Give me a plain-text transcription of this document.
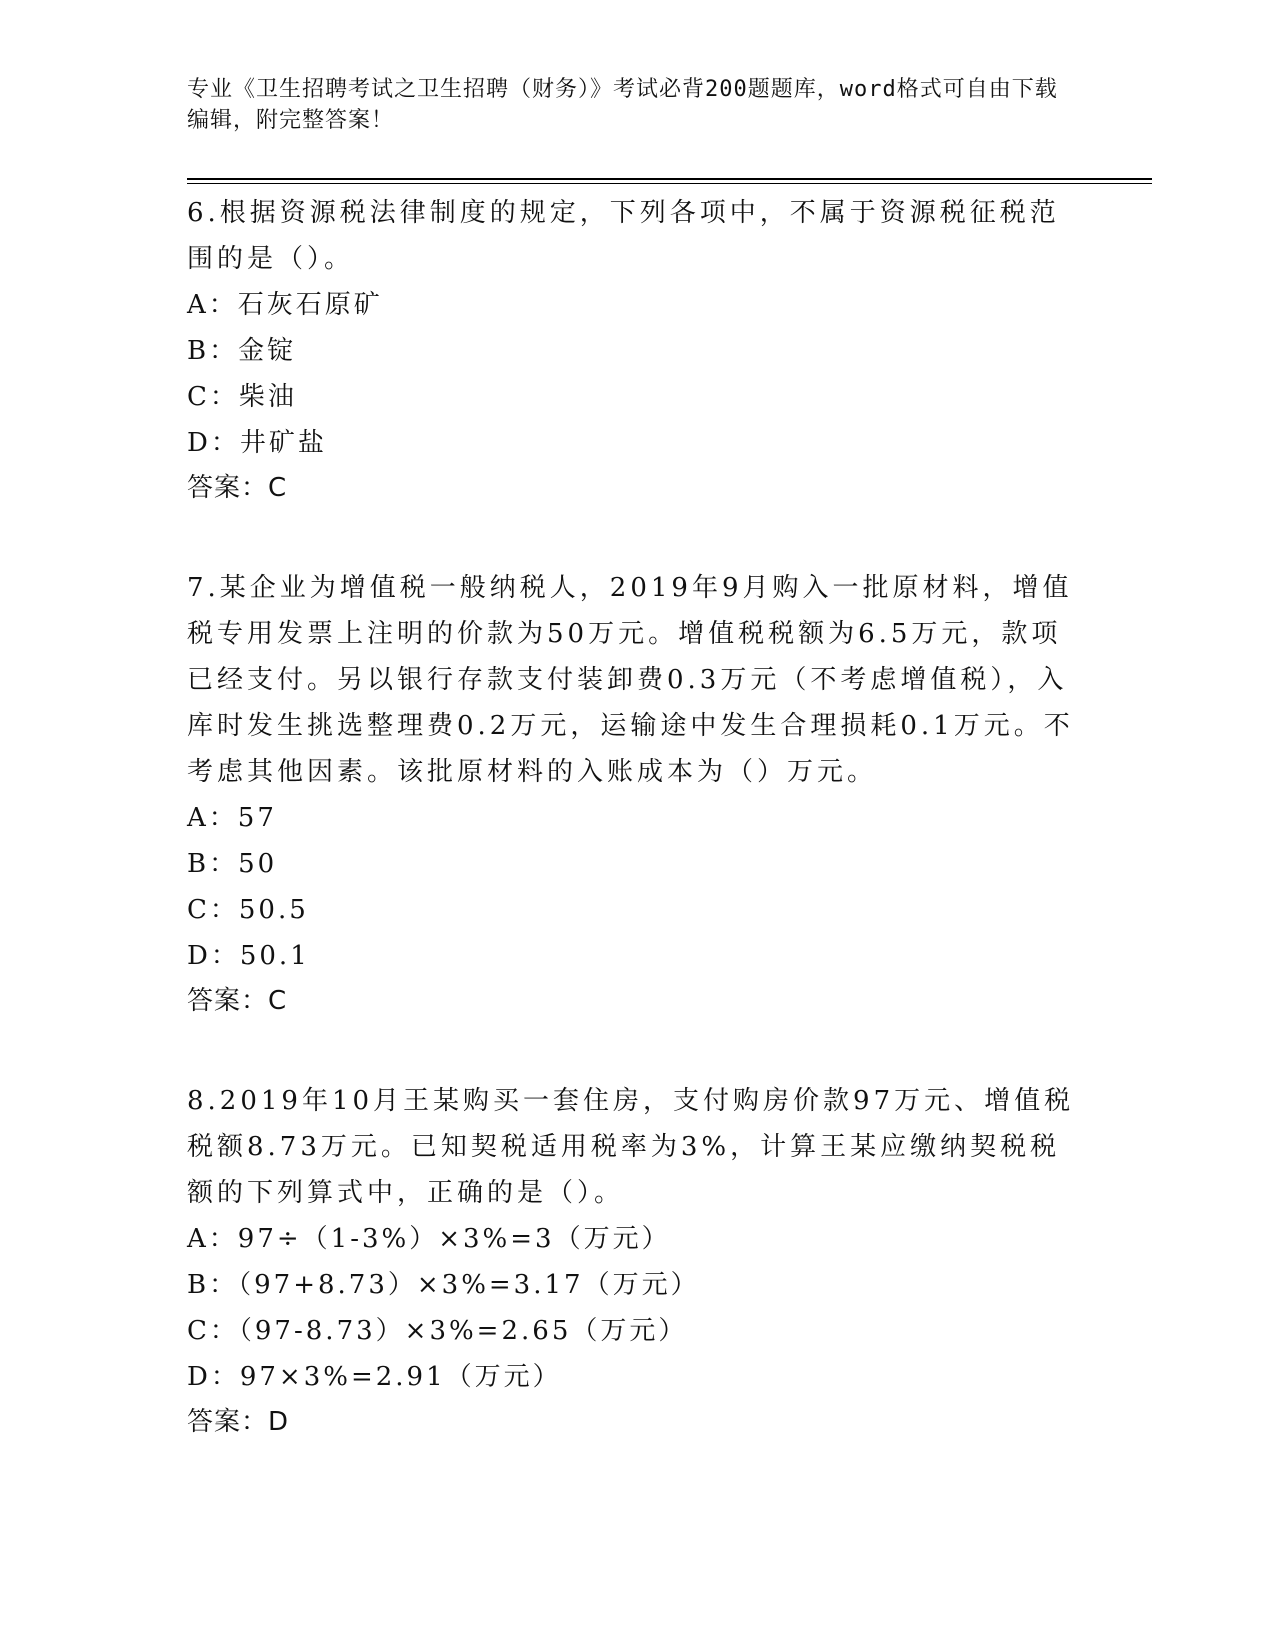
专业《卫生招聘考试之卫生招聘（财务）》考试必背200题题库，word格式可自由下载编辑，附完整答案！

6.根据资源税法律制度的规定，下列各项中，不属于资源税征税范围的是（）。

A：石灰石原矿

B：金锭

C：柴油

D：井矿盐

答案：C

7.某企业为增值税一般纳税人，2019年9月购入一批原材料，增值税专用发票上注明的价款为50万元。增值税税额为6.5万元，款项已经支付。另以银行存款支付装卸费0.3万元（不考虑增值税），入库时发生挑选整理费0.2万元，运输途中发生合理损耗0.1万元。不考虑其他因素。该批原材料的入账成本为（）万元。

A：57

B：50

C：50.5

D：50.1

答案：C

8.2019年10月王某购买一套住房，支付购房价款97万元、增值税税额8.73万元。已知契税适用税率为3%，计算王某应缴纳契税税额的下列算式中，正确的是（）。

A：97÷（1-3%）×3%=3（万元）

B：（97+8.73）×3%=3.17（万元）

C：（97-8.73）×3%=2.65（万元）

D：97×3%=2.91（万元）

答案：D
